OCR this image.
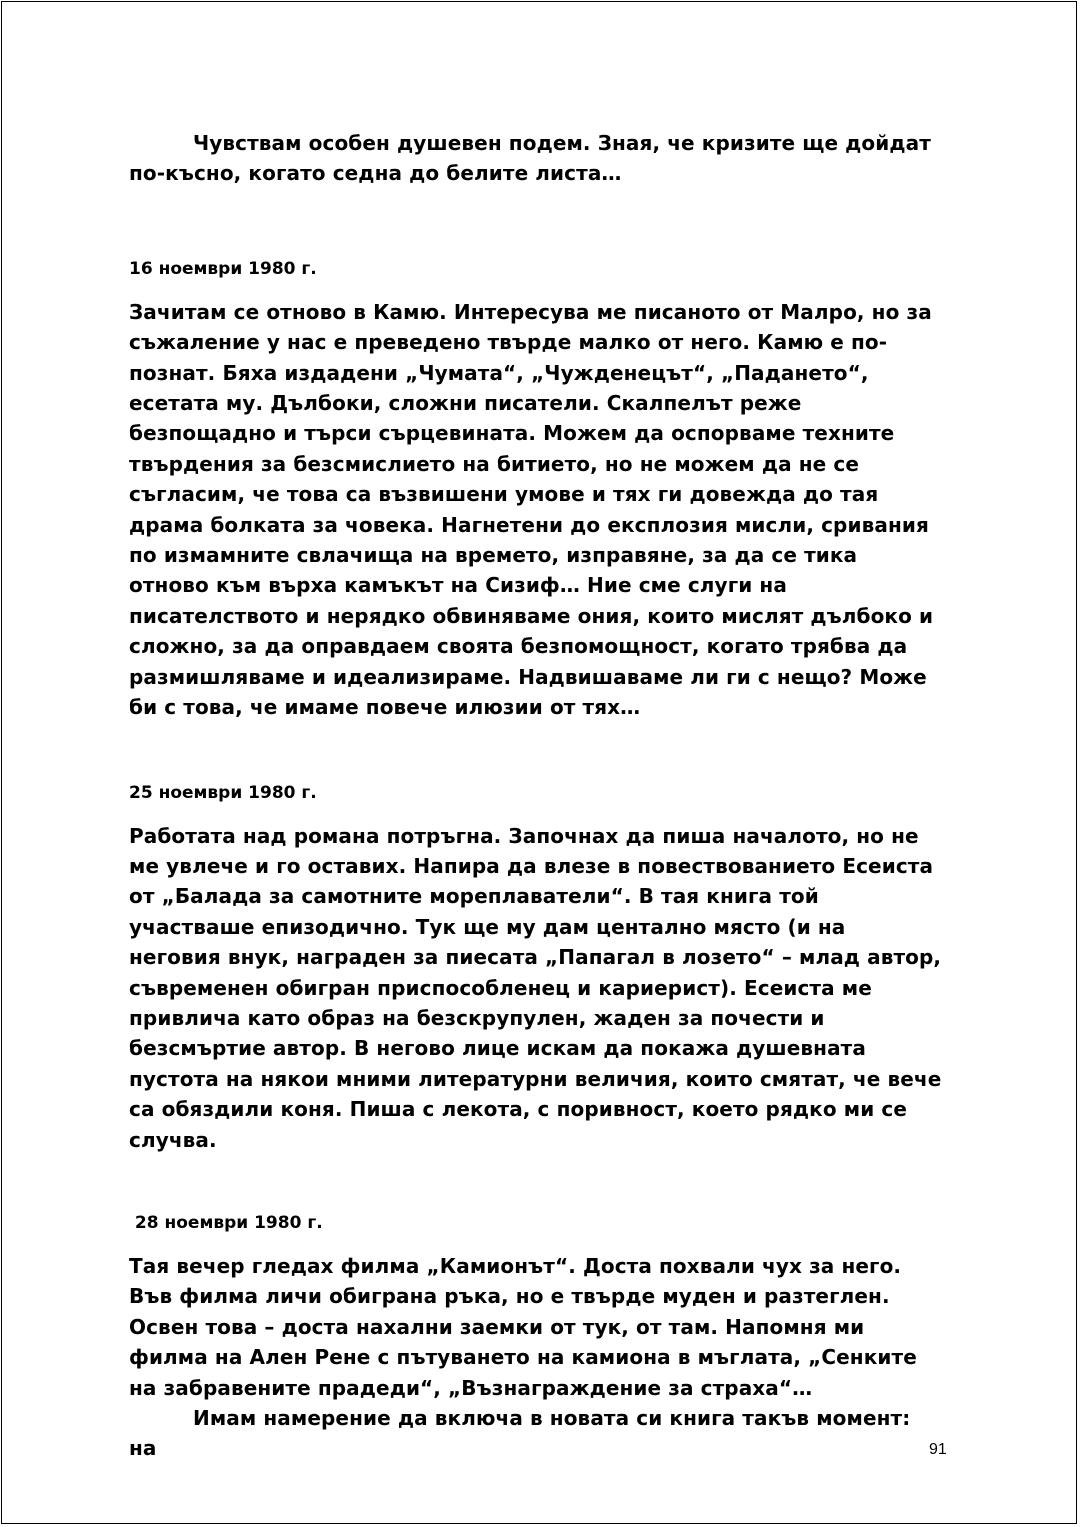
Чувствам особен душевен подем. Зная, че кризите ще дойдат по-късно, когато седна до белите листа…

16 ноември 1980 г.

Зачитам се отново в Камю. Интересува ме писаното от Малро, но за съжаление у нас е преведено твърде малко от него. Камю е по-познат. Бяха издадени „Чумата“, „Чужденецът“, „Падането“, есетата му. Дълбоки, сложни писатели. Скалпелът реже безпощадно и търси сърцевината. Можем да оспорваме техните твърдения за безсмислието на битието, но не можем да не се съгласим, че това са възвишени умове и тях ги довежда до тая драма болката за човека. Нагнетени до експлозия мисли, сривания по измамните свлачища на времето, изправяне, за да се тика отново към върха камъкът на Сизиф… Ние сме слуги на писателството и нерядко обвиняваме ония, които мислят дълбоко и сложно, за да оправдаем своята безпомощност, когато трябва да размишляваме и идеализираме. Надвишаваме ли ги с нещо? Може би с това, че имаме повече илюзии от тях…

25 ноември 1980 г.

Работата над романа потръгна. Започнах да пиша началото, но не ме увлече и го оставих. Напира да влезе в повествованието Есеиста от „Балада за самотните мореплаватели“. В тая книга той участваше епизодично. Тук ще му дам центално място (и на неговия внук, награден за пиесата „Папагал в лозето“ – млад автор, съвременен обигран приспособленец и кариерист). Есеиста ме привлича като образ на безскрупулен, жаден за почести и безсмъртие автор. В негово лице искам да покажа душевната пустота на някои мними литературни величия, които смятат, че вече са обяздили коня. Пиша с лекота, с поривност, което рядко ми се случва.

28 ноември 1980 г.

Тая вечер гледах филма „Камионът“. Доста похвали чух за него. Във филма личи обиграна ръка, но е твърде муден и разтеглен. Освен това – доста нахални заемки от тук, от там. Напомня ми филма на Ален Рене с пътуването на камиона в мъглата, „Сенките на забравените прадеди“, „Възнаграждение за страха“…

Имам намерение да включа в новата си книга такъв момент: на	91
